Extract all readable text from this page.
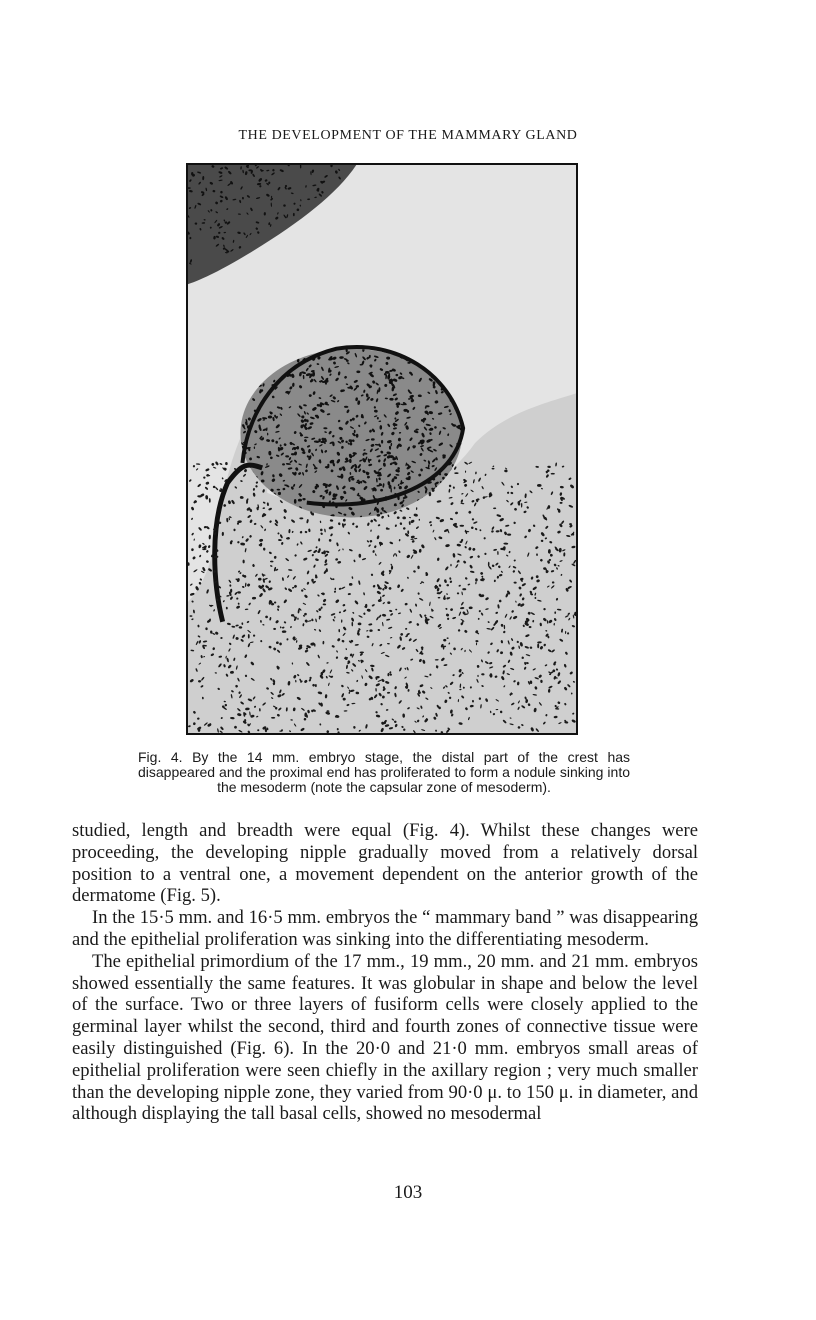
THE DEVELOPMENT OF THE MAMMARY GLAND
Fig. 4. By the 14 mm. embryo stage, the distal part of the crest has disappeared and the proximal end has proliferated to form a nodule sinking into the mesoderm (note the capsular zone of mesoderm).

studied, length and breadth were equal (Fig. 4). Whilst these changes were proceeding, the developing nipple gradually moved from a relatively dorsal position to a ventral one, a movement dependent on the anterior growth of the dermatome (Fig. 5).

In the 15·5 mm. and 16·5 mm. embryos the “ mammary band ” was disappearing and the epithelial proliferation was sinking into the differentiating mesoderm.

The epithelial primordium of the 17 mm., 19 mm., 20 mm. and 21 mm. embryos showed essentially the same features. It was globular in shape and below the level of the surface. Two or three layers of fusiform cells were closely applied to the germinal layer whilst the second, third and fourth zones of connective tissue were easily distinguished (Fig. 6). In the 20·0 and 21·0 mm. embryos small areas of epithelial proliferation were seen chiefly in the axillary region ; very much smaller than the developing nipple zone, they varied from 90·0 μ. to 150 μ. in diameter, and although displaying the tall basal cells, showed no mesodermal

103
